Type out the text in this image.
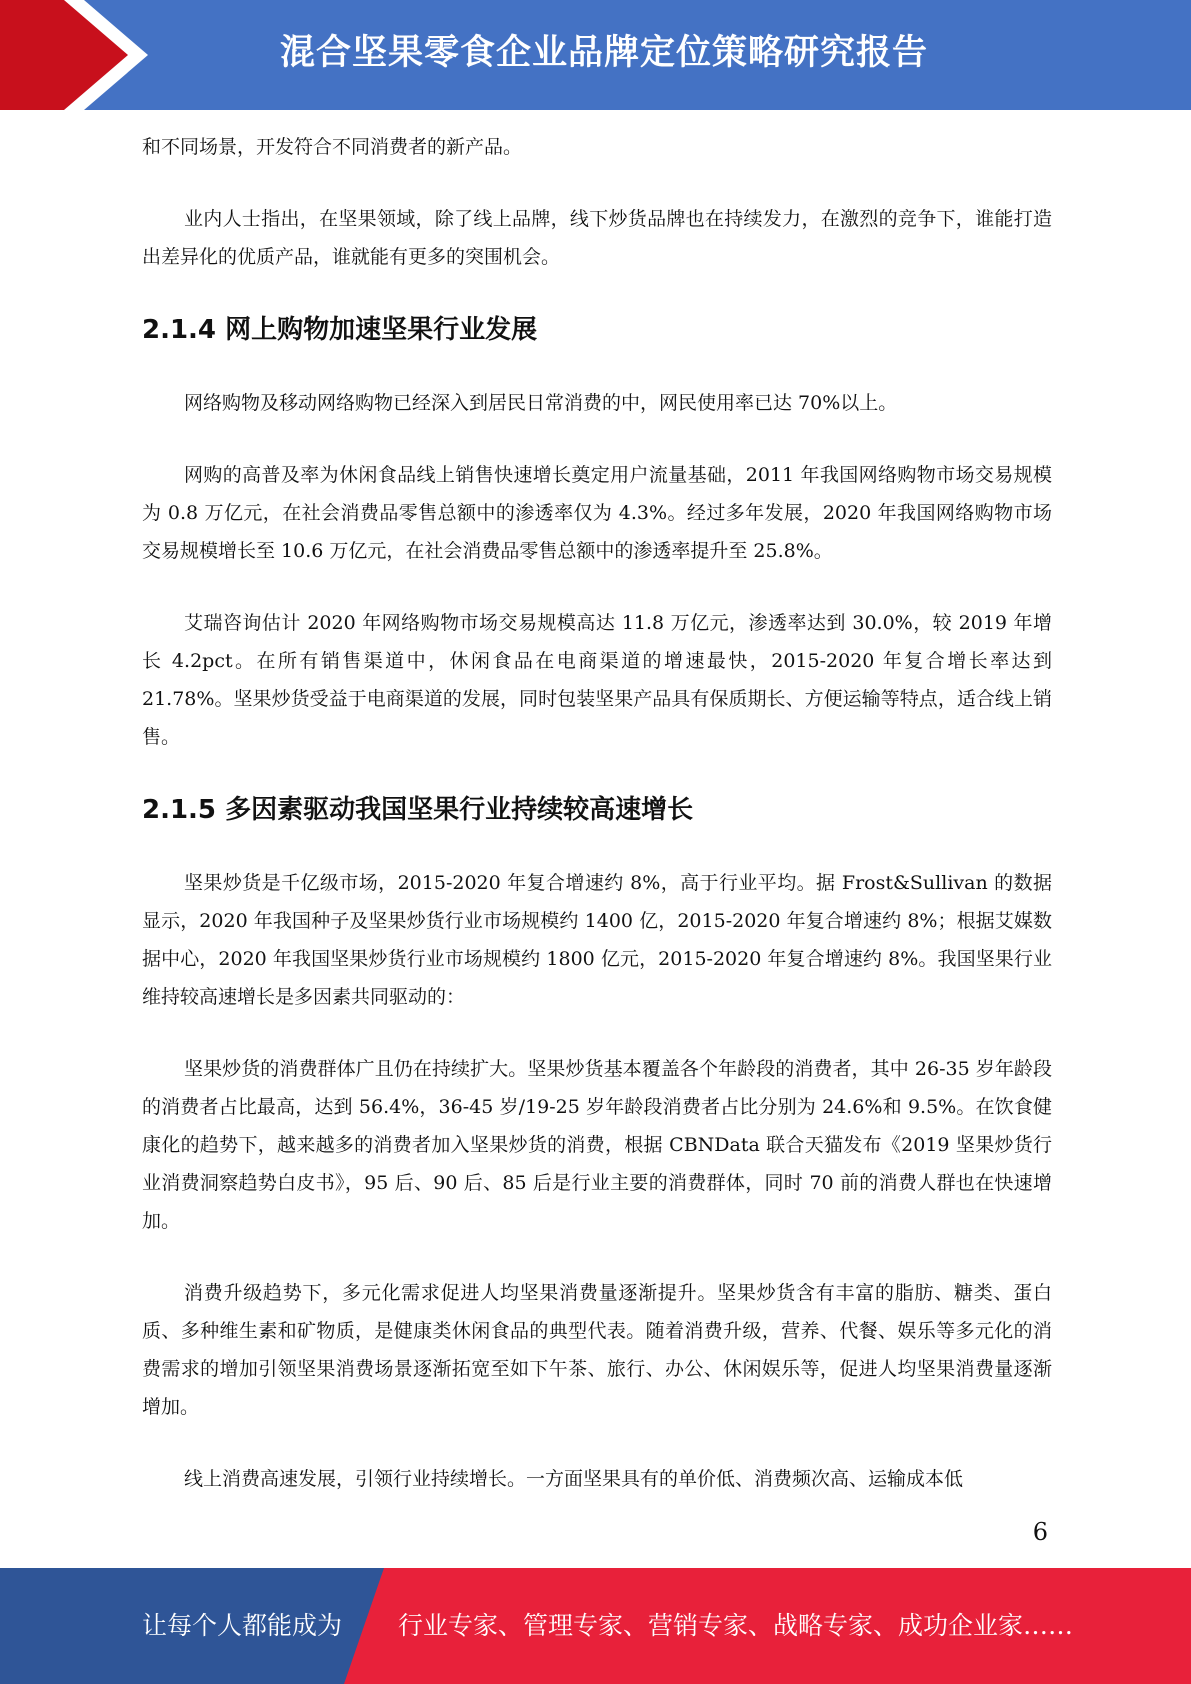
混合坚果零食企业品牌定位策略研究报告

和不同场景，开发符合不同消费者的新产品。

业内人士指出，在坚果领域，除了线上品牌，线下炒货品牌也在持续发力，在激烈的竞争下，谁能打造出差异化的优质产品，谁就能有更多的突围机会。

2.1.4 网上购物加速坚果行业发展

网络购物及移动网络购物已经深入到居民日常消费的中，网民使用率已达 70%以上。

网购的高普及率为休闲食品线上销售快速增长奠定用户流量基础，2011 年我国网络购物市场交易规模为 0.8 万亿元，在社会消费品零售总额中的渗透率仅为 4.3%。经过多年发展，2020 年我国网络购物市场交易规模增长至 10.6 万亿元，在社会消费品零售总额中的渗透率提升至 25.8%。

艾瑞咨询估计 2020 年网络购物市场交易规模高达 11.8 万亿元，渗透率达到 30.0%，较 2019 年增长 4.2pct。在所有销售渠道中，休闲食品在电商渠道的增速最快，2015-2020 年复合增长率达到 21.78%。坚果炒货受益于电商渠道的发展，同时包装坚果产品具有保质期长、方便运输等特点，适合线上销售。

2.1.5 多因素驱动我国坚果行业持续较高速增长

坚果炒货是千亿级市场，2015-2020 年复合增速约 8%，高于行业平均。据 Frost&Sullivan 的数据显示，2020 年我国种子及坚果炒货行业市场规模约 1400 亿，2015-2020 年复合增速约 8%；根据艾媒数据中心，2020 年我国坚果炒货行业市场规模约 1800 亿元，2015-2020 年复合增速约 8%。我国坚果行业维持较高速增长是多因素共同驱动的：

坚果炒货的消费群体广且仍在持续扩大。坚果炒货基本覆盖各个年龄段的消费者，其中 26-35 岁年龄段的消费者占比最高，达到 56.4%，36-45 岁/19-25 岁年龄段消费者占比分别为 24.6%和 9.5%。在饮食健康化的趋势下，越来越多的消费者加入坚果炒货的消费，根据 CBNData 联合天猫发布《2019 坚果炒货行业消费洞察趋势白皮书》，95 后、90 后、85 后是行业主要的消费群体，同时 70 前的消费人群也在快速增加。

消费升级趋势下，多元化需求促进人均坚果消费量逐渐提升。坚果炒货含有丰富的脂肪、糖类、蛋白质、多种维生素和矿物质，是健康类休闲食品的典型代表。随着消费升级，营养、代餐、娱乐等多元化的消费需求的增加引领坚果消费场景逐渐拓宽至如下午茶、旅行、办公、休闲娱乐等，促进人均坚果消费量逐渐增加。

线上消费高速发展，引领行业持续增长。一方面坚果具有的单价低、消费频次高、运输成本低

6
让每个人都能成为 行业专家、管理专家、营销专家、战略专家、成功企业家……
